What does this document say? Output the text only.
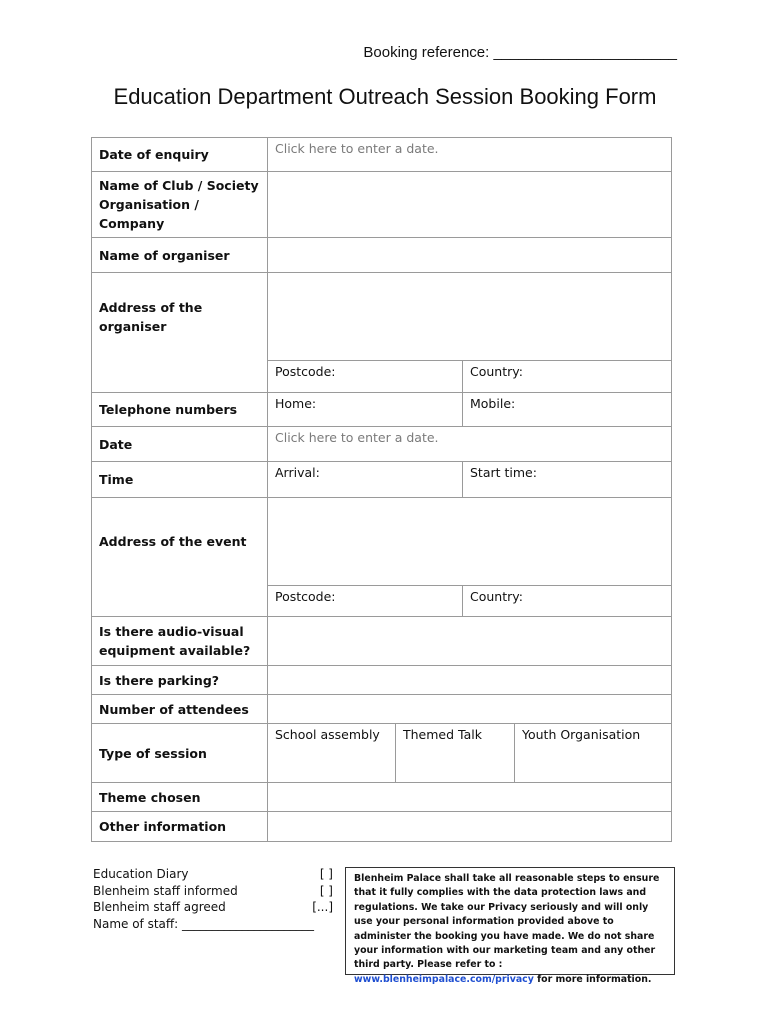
Booking reference: ______________________
Education Department Outreach Session Booking Form
Date of enquiry	Click here to enter a date.			

Name of Club / Society
Organisation / Company				

Name of organiser				
Address of the organiser				
	Postcode:		Country:	
Telephone numbers	Home:		Mobile:	
Date	Click here to enter a date.			
Time	Arrival:		Start time:	
Address of the event				
	Postcode:		Country:	

Is there audio-visual
equipment available?				

Is there parking?				
Number of attendees				
Type of session	School assembly	Themed Talk		Youth Organisation
Theme chosen				
Other information				
Education Diary	[ ]
Blenheim staff informed	[ ]
Blenheim staff agreed	[...]
Name of staff: ______________________
Blenheim Palace shall take all reasonable steps to ensure that it fully complies with the data protection laws and regulations. We take our Privacy seriously and will only use your personal information provided above to administer the booking you have made. We do not share your information with our marketing team and any other third party. Please refer to : www.blenheimpalace.com/privacy for more information.
